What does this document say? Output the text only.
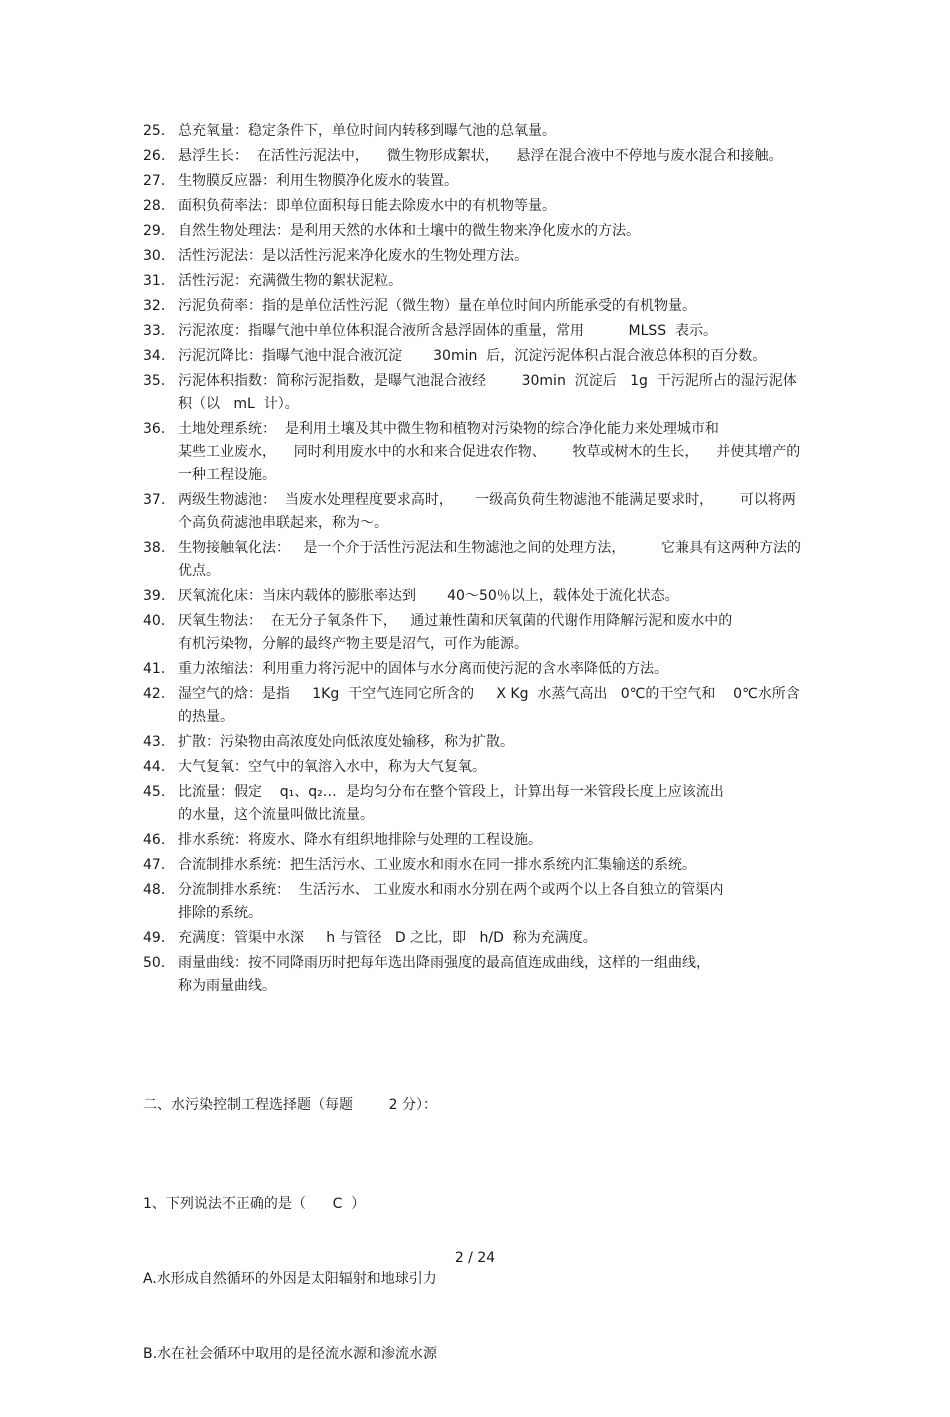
25. 总充氧量：稳定条件下，单位时间内转移到曝气池的总氧量。
26. 悬浮生长：  在活性污泥法中，    微生物形成絮状，    悬浮在混合液中不停地与废水混合和接触。
27. 生物膜反应器：利用生物膜净化废水的装置。
28. 面积负荷率法：即单位面积每日能去除废水中的有机物等量。
29. 自然生物处理法：是利用天然的水体和土壤中的微生物来净化废水的方法。
30. 活性污泥法：是以活性污泥来净化废水的生物处理方法。
31. 活性污泥：充满微生物的絮状泥粒。
32. 污泥负荷率：指的是单位活性污泥（微生物）量在单位时间内所能承受的有机物量。
33. 污泥浓度：指曝气池中单位体积混合液所含悬浮固体的重量，常用          MLSS  表示。
34. 污泥沉降比：指曝气池中混合液沉淀       30min  后，沉淀污泥体积占混合液总体积的百分数。
35. 污泥体积指数：简称污泥指数，是曝气池混合液经        30min  沉淀后   1g  干污泥所占的湿污泥体积（以   mL  计）。
36. 土地处理系统：  是利用土壤及其中微生物和植物对污染物的综合净化能力来处理城市和
某些工业废水，    同时利用废水中的水和来合促进农作物、      牧草或树木的生长，    并使其增产的一种工程设施。
37. 两级生物滤池：  当废水处理程度要求高时，     一级高负荷生物滤池不能满足要求时，      可以将两个高负荷滤池串联起来，称为～。
38. 生物接触氧化法：   是一个介于活性污泥法和生物滤池之间的处理方法，        它兼具有这两种方法的优点。
39. 厌氧流化床：当床内载体的膨胀率达到       40～50％以上，载体处于流化状态。
40. 厌氧生物法：  在无分子氧条件下，   通过兼性菌和厌氧菌的代谢作用降解污泥和废水中的
有机污染物，分解的最终产物主要是沼气，可作为能源。
41. 重力浓缩法：利用重力将污泥中的固体与水分离而使污泥的含水率降低的方法。
42. 湿空气的焓：是指     1Kg  干空气连同它所含的     X Kg  水蒸气高出   0℃的干空气和    0℃水所含的热量。
43. 扩散：污染物由高浓度处向低浓度处输移，称为扩散。
44. 大气复氧：空气中的氧溶入水中，称为大气复氧。
45. 比流量：假定    q₁、q₂…  是均匀分布在整个管段上，计算出每一米管段长度上应该流出
的水量，这个流量叫做比流量。
46. 排水系统：将废水、降水有组织地排除与处理的工程设施。
47. 合流制排水系统：把生活污水、工业废水和雨水在同一排水系统内汇集输送的系统。
48. 分流制排水系统：  生活污水、 工业废水和雨水分别在两个或两个以上各自独立的管渠内
排除的系统。
49. 充满度：管渠中水深     h 与管径   D 之比，即   h/D  称为充满度。
50. 雨量曲线：按不同降雨历时把每年选出降雨强度的最高值连成曲线，这样的一组曲线，
称为雨量曲线。
二、水污染控制工程选择题（每题        2 分）：

1、下列说法不正确的是（      C  ）

A.水形成自然循环的外因是太阳辐射和地球引力

B.水在社会循环中取用的是径流水源和渗流水源

2 / 24
